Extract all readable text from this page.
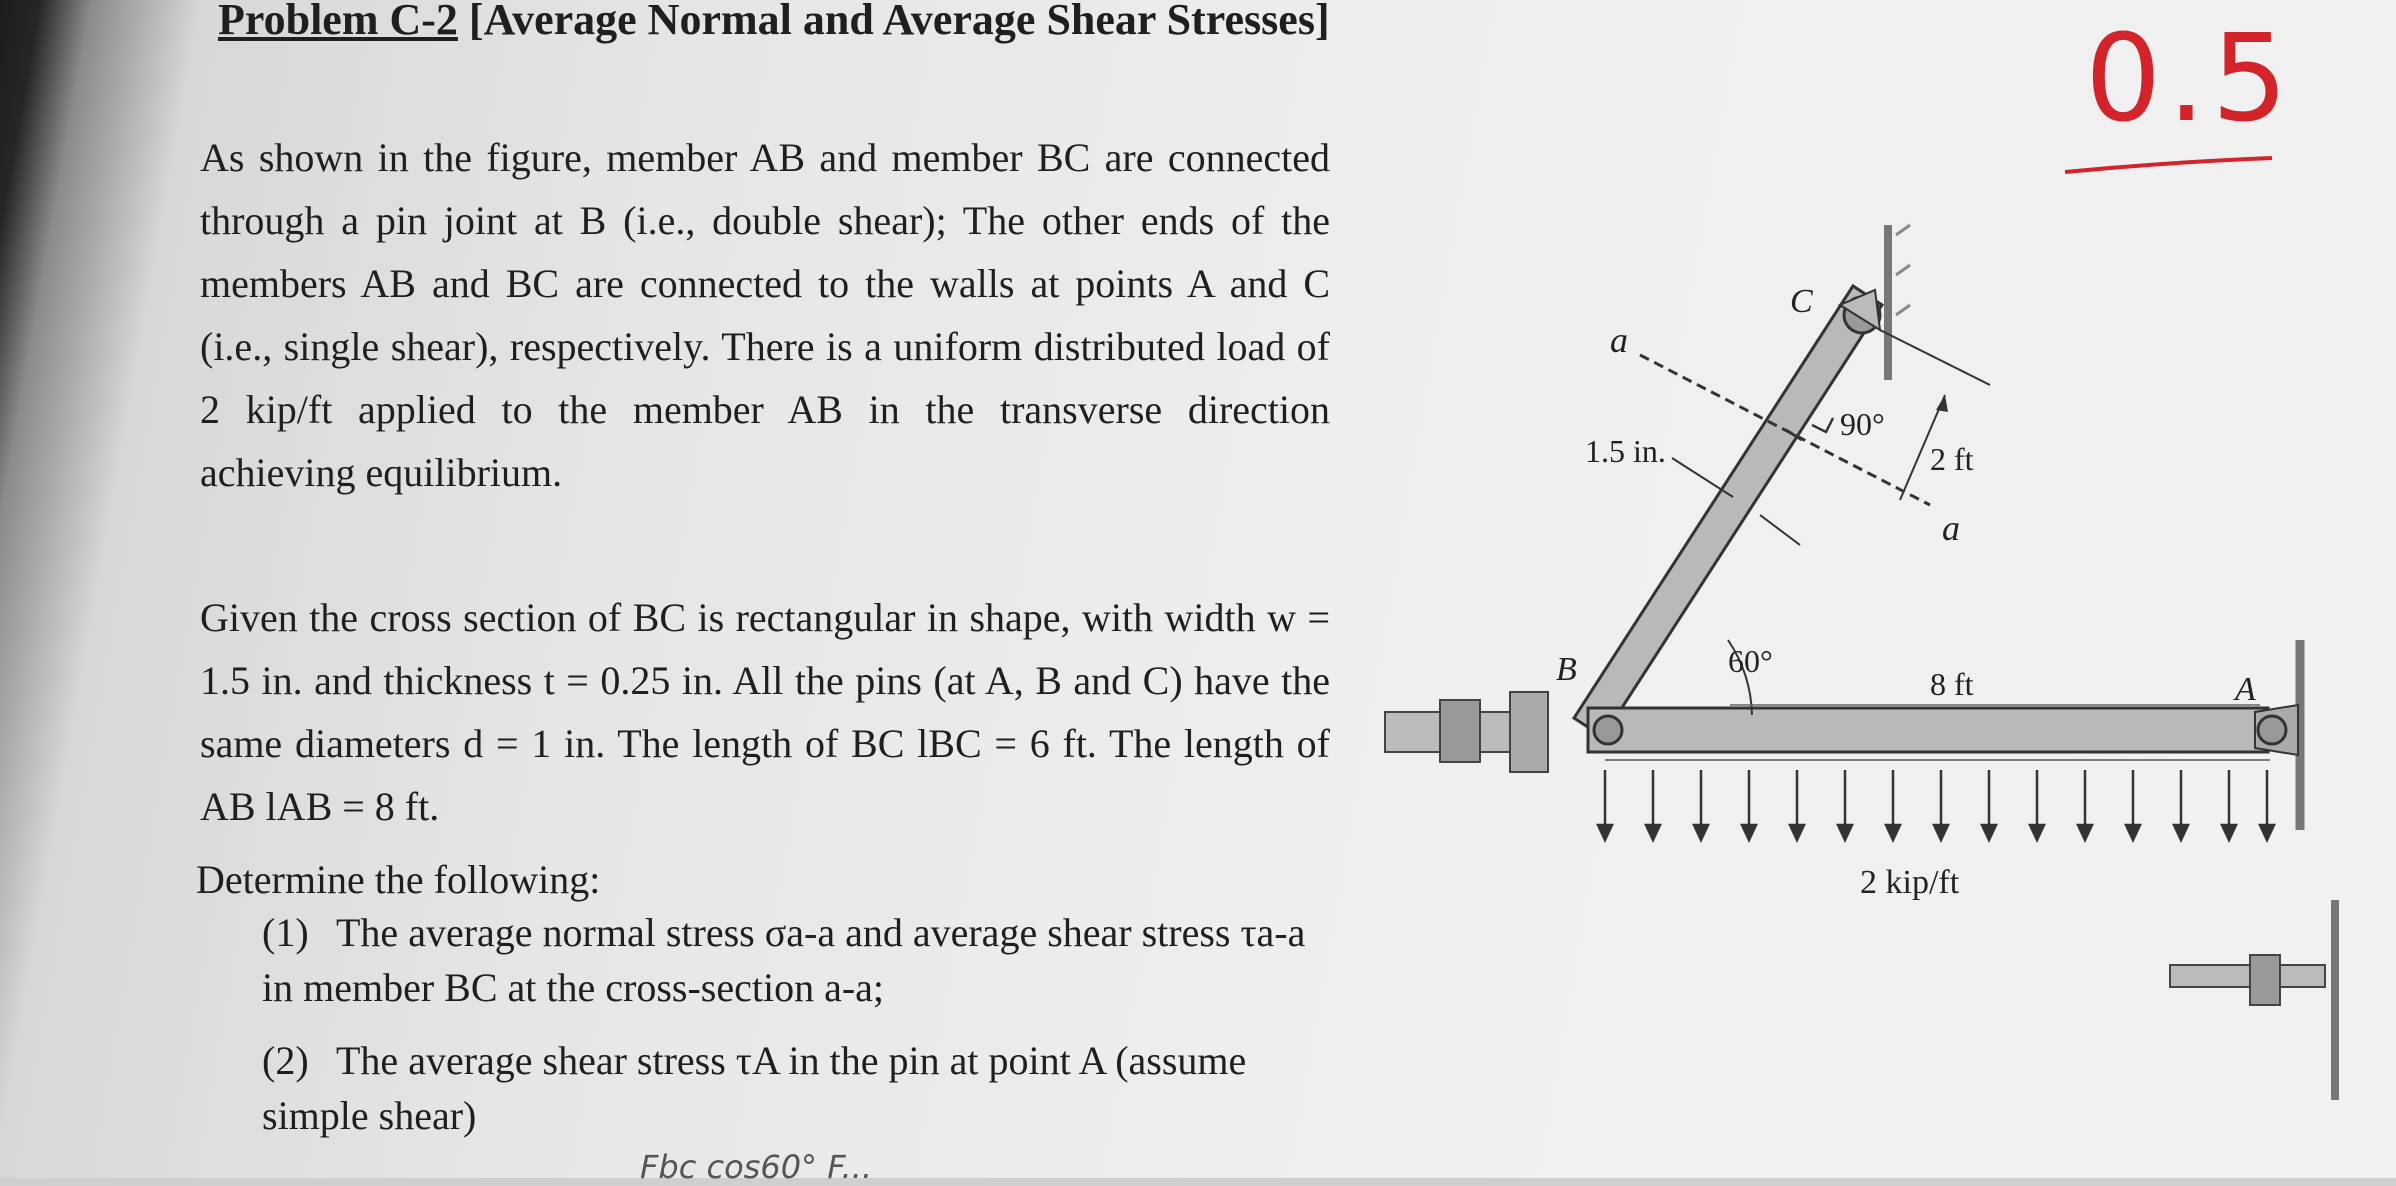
Problem C-2 [Average Normal and Average Shear Stresses]	0.5
As shown in the figure, member AB and member BC are connected through a pin joint at B (i.e., double shear); The other ends of the members AB and BC are connected to the walls at points A and C (i.e., single shear), respectively. There is a uniform distributed load of 2 kip/ft applied to the member AB in the transverse direction achieving equilibrium.
Given the cross section of BC is rectangular in shape, with width w = 1.5 in. and thickness t = 0.25 in. All the pins (at A, B and C) have the same diameters d = 1 in. The length of BC lBC = 6 ft. The length of AB lAB = 8 ft.
Determine the following:
(1) The average normal stress σa-a and average shear stress τa-a in member BC at the cross-section a-a;
(2) The average shear stress τA in the pin at point A (assume simple shear)
Fbc cos60° F...
a
a
C
B
A
1.5 in.
90°
2 ft
60°
8 ft
2 kip/ft
